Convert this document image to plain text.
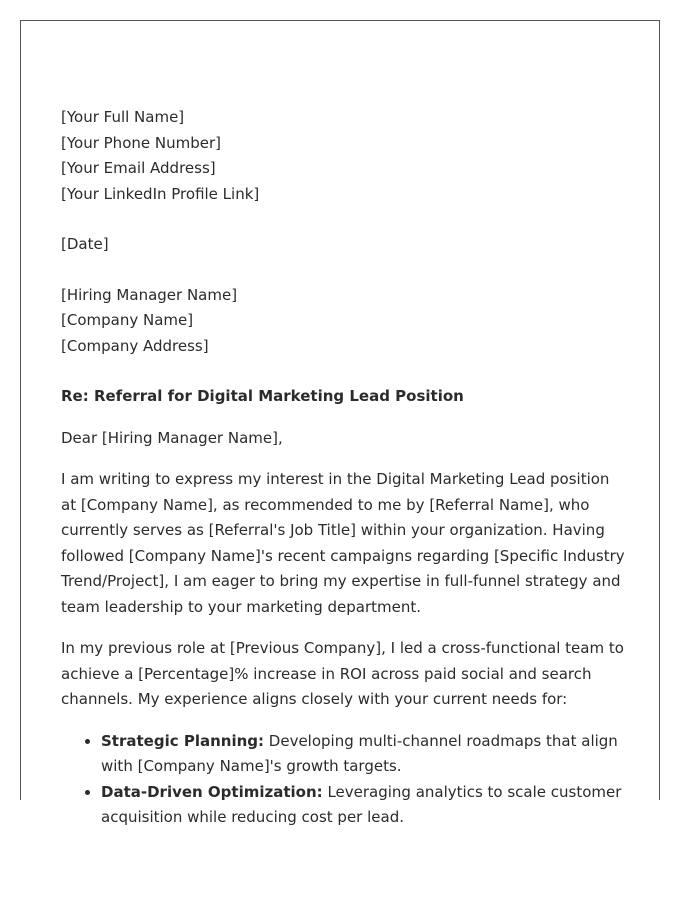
[Your Full Name]
[Your Phone Number]
[Your Email Address]
[Your LinkedIn Profile Link]
[Date]
[Hiring Manager Name]
[Company Name]
[Company Address]

Re: Referral for Digital Marketing Lead Position

Dear [Hiring Manager Name],

I am writing to express my interest in the Digital Marketing Lead position at [Company Name], as recommended to me by [Referral Name], who currently serves as [Referral's Job Title] within your organization. Having followed [Company Name]'s recent campaigns regarding [Specific Industry Trend/Project], I am eager to bring my expertise in full-funnel strategy and team leadership to your marketing department.

In my previous role at [Previous Company], I led a cross-functional team to achieve a [Percentage]% increase in ROI across paid social and search channels. My experience aligns closely with your current needs for:

• Strategic Planning: Developing multi-channel roadmaps that align with [Company Name]'s growth targets.
• Data-Driven Optimization: Leveraging analytics to scale customer acquisition while reducing cost per lead.
